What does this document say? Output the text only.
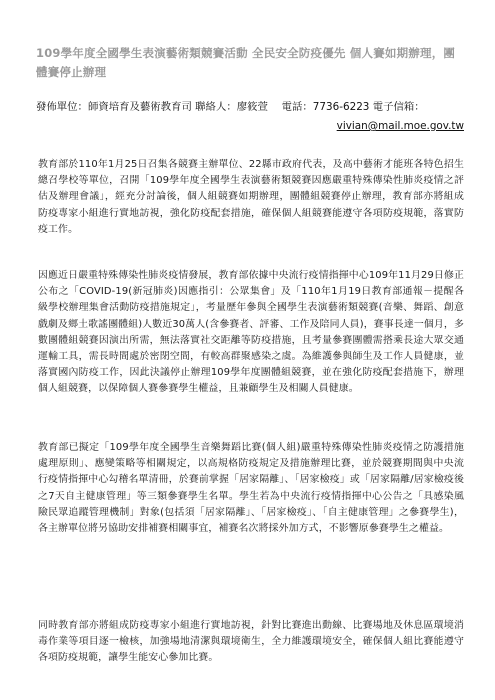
109學年度全國學生表演藝術類競賽活動 全民安全防疫優先 個人賽如期辦理，團體賽停止辦理
發佈單位：師資培育及藝術教育司 聯絡人：廖筱萱　 電話：7736-6223 電子信箱：
vivian@mail.moe.gov.tw

教育部於110年1月25日召集各競賽主辦單位、22縣市政府代表，及高中藝術才能班各特色招生總召學校等單位，召開「109學年度全國學生表演藝術類競賽因應嚴重特殊傳染性肺炎疫情之評估及辦理會議」，經充分討論後，個人組競賽如期辦理，團體組競賽停止辦理，教育部亦將組成防疫專家小組進行實地訪視，強化防疫配套措施，確保個人組競賽能遵守各項防疫規範，落實防疫工作。

因應近日嚴重特殊傳染性肺炎疫情發展，教育部依據中央流行疫情指揮中心109年11月29日修正公布之「COVID-19(新冠肺炎)因應指引：公眾集會」及「110年1月19日教育部通報－提醒各級學校辦理集會活動防疫措施規定」，考量歷年參與全國學生表演藝術類競賽(音樂、舞蹈、創意戲劇及鄉土歌謠團體組)人數近30萬人(含參賽者、評審、工作及陪同人員)，賽事長達一個月，多數團體組競賽因演出所需，無法落實社交距離等防疫措施，且考量參賽團體需搭乘長途大眾交通運輸工具，需長時間處於密閉空間，有較高群聚感染之虞。為維護參與師生及工作人員健康，並落實國內防疫工作，因此決議停止辦理109學年度團體組競賽，並在強化防疫配套措施下，辦理個人組競賽，以保障個人賽參賽學生權益，且兼顧學生及相關人員健康。

教育部已擬定「109學年度全國學生音樂舞蹈比賽(個人組)嚴重特殊傳染性肺炎疫情之防護措施處理原則」、應變策略等相關規定，以高規格防疫規定及措施辦理比賽，並於競賽期間與中央流行疫情指揮中心勾稽名單清冊，於賽前掌握「居家隔離」、「居家檢疫」或「居家隔離/居家檢疫後之7天自主健康管理」等三類參賽學生名單。學生若為中央流行疫情指揮中心公告之「具感染風險民眾追蹤管理機制」對象(包括須「居家隔離」、「居家檢疫」、「自主健康管理」之參賽學生)，各主辦單位將另協助安排補賽相關事宜，補賽名次將採外加方式，不影響原參賽學生之權益。

同時教育部亦將組成防疫專家小組進行實地訪視，針對比賽進出動線、比賽場地及休息區環境消毒作業等項目逐一檢核，加強場地清潔與環境衛生，全力維護環境安全，確保個人組比賽能遵守各項防疫規範，讓學生能安心參加比賽。
